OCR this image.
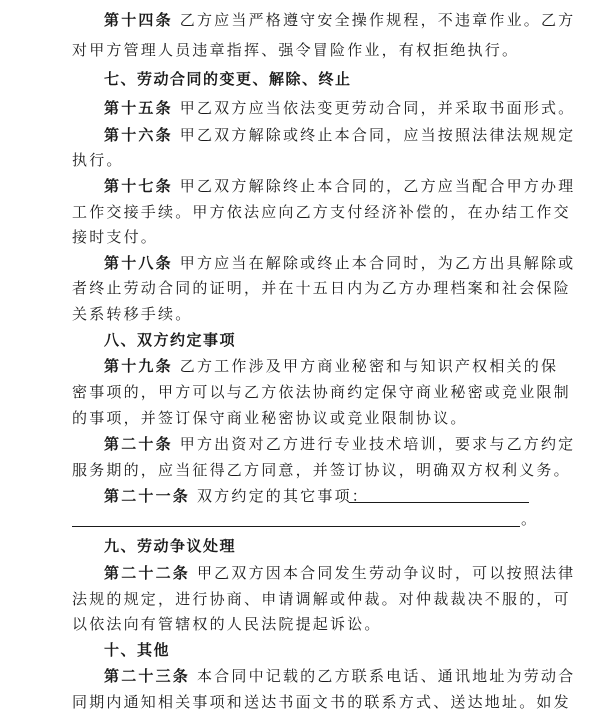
第十四条 乙方应当严格遵守安全操作规程，不违章作业。乙方
对甲方管理人员违章指挥、强令冒险作业，有权拒绝执行。
七、劳动合同的变更、解除、终止
第十五条 甲乙双方应当依法变更劳动合同，并采取书面形式。
第十六条 甲乙双方解除或终止本合同，应当按照法律法规规定
执行。
第十七条 甲乙双方解除终止本合同的，乙方应当配合甲方办理
工作交接手续。甲方依法应向乙方支付经济补偿的，在办结工作交
接时支付。
第十八条 甲方应当在解除或终止本合同时，为乙方出具解除或
者终止劳动合同的证明，并在十五日内为乙方办理档案和社会保险
关系转移手续。
八、双方约定事项
第十九条 乙方工作涉及甲方商业秘密和与知识产权相关的保
密事项的，甲方可以与乙方依法协商约定保守商业秘密或竞业限制
的事项，并签订保守商业秘密协议或竞业限制协议。
第二十条 甲方出资对乙方进行专业技术培训，要求与乙方约定
服务期的，应当征得乙方同意，并签订协议，明确双方权利义务。
第二十一条 双方约定的其它事项：
。
九、劳动争议处理
第二十二条 甲乙双方因本合同发生劳动争议时，可以按照法律
法规的规定，进行协商、申请调解或仲裁。对仲裁裁决不服的，可
以依法向有管辖权的人民法院提起诉讼。
十、其他
第二十三条 本合同中记载的乙方联系电话、通讯地址为劳动合
同期内通知相关事项和送达书面文书的联系方式、送达地址。如发
